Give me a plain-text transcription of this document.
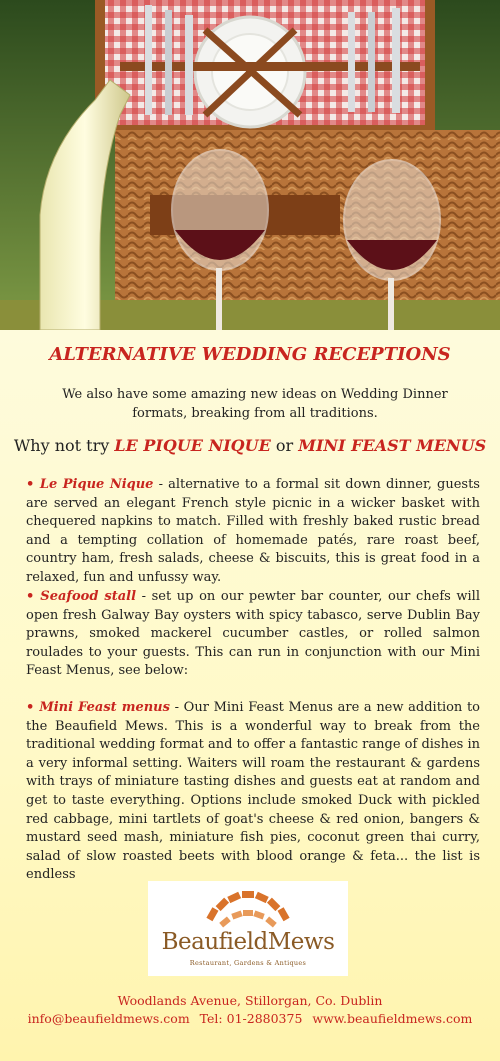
ALTERNATIVE WEDDING RECEPTIONS
We also have some amazing new ideas on Wedding Dinner formats, breaking from all traditions.
Why not try LE PIQUE NIQUE or MINI FEAST MENUS
• Le Pique Nique - alternative to a formal sit down dinner, guests are served an elegant French style picnic in a wicker basket with chequered napkins to match. Filled with freshly baked rustic bread and a tempting collation of homemade patés, rare roast beef, country ham, fresh salads, cheese & biscuits, this is great food in a relaxed, fun and unfussy way.
• Seafood stall - set up on our pewter bar counter, our chefs will open fresh Galway Bay oysters with spicy tabasco, serve Dublin Bay prawns, smoked mackerel cucumber castles, or rolled salmon roulades to your guests. This can run in conjunction with our Mini Feast Menus, see below:
• Mini Feast menus - Our Mini Feast Menus are a new addition to the Beaufield Mews. This is a wonderful way to break from the traditional wedding format and to offer a fantastic range of dishes in a very informal setting. Waiters will roam the restaurant & gardens with trays of miniature tasting dishes and guests eat at random and get to taste everything. Options include smoked Duck with pickled red cabbage, mini tartlets of goat's cheese & red onion, bangers & mustard seed mash, miniature fish pies, coconut green thai curry, salad of slow roasted beets with blood orange & feta... the list is endless
BeaufieldMews
Restaurant, Gardens & Antiques
Woodlands Avenue, Stillorgan, Co. Dublin
info@beaufieldmews.com Tel: 01-2880375 www.beaufieldmews.com
